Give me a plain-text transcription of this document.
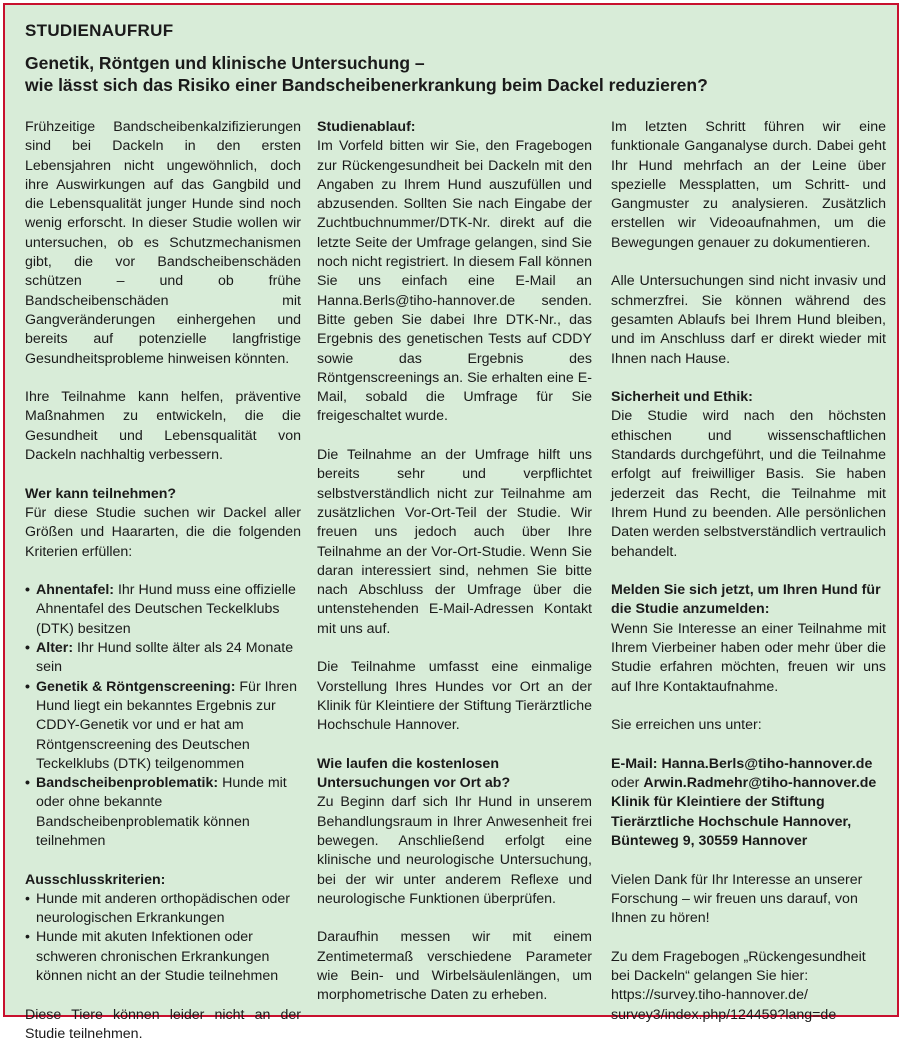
STUDIENAUFRUF
Genetik, Röntgen und klinische Untersuchung –
wie lässt sich das Risiko einer Bandscheibenerkrankung beim Dackel reduzieren?

Frühzeitige Bandscheibenkalzifizierungen sind bei Dackeln in den ersten Lebensjahren nicht ungewöhnlich, doch ihre Auswirkungen auf das Gangbild und die Lebensqualität junger Hunde sind noch wenig erforscht. In dieser Studie wollen wir untersuchen, ob es Schutzmechanismen gibt, die vor Bandscheibenschäden schützen – und ob frühe Bandscheibenschäden mit Gangveränderungen einhergehen und bereits auf potenzielle langfristige Gesundheitsprobleme hinweisen könnten.

Ihre Teilnahme kann helfen, präventive Maßnahmen zu entwickeln, die die Gesundheit und Lebensqualität von Dackeln nachhaltig verbessern.

Wer kann teilnehmen?
Für diese Studie suchen wir Dackel aller Größen und Haararten, die die folgenden Kriterien erfüllen:

• Ahnentafel: Ihr Hund muss eine offizielle Ahnentafel des Deutschen Teckelklubs (DTK) besitzen
• Alter: Ihr Hund sollte älter als 24 Monate sein
• Genetik & Röntgenscreening: Für Ihren Hund liegt ein bekanntes Ergebnis zur CDDY-Genetik vor und er hat am Röntgenscreening des Deutschen Teckelklubs (DTK) teilgenommen
• Bandscheibenproblematik: Hunde mit oder ohne bekannte Bandscheibenproblematik können teilnehmen
Ausschlusskriterien:
• Hunde mit anderen orthopädischen oder neurologischen Erkrankungen
• Hunde mit akuten Infektionen oder schweren chronischen Erkrankungen können nicht an der Studie teilnehmen

Diese Tiere können leider nicht an der Studie teilnehmen.

Studienablauf:
Im Vorfeld bitten wir Sie, den Fragebogen zur Rückengesundheit bei Dackeln mit den Angaben zu Ihrem Hund auszufüllen und abzusenden. Sollten Sie nach Eingabe der Zuchtbuchnummer/DTK-Nr. direkt auf die letzte Seite der Umfrage gelangen, sind Sie noch nicht registriert. In diesem Fall können Sie uns einfach eine E-Mail an Hanna.Berls@tiho-hannover.de senden. Bitte geben Sie dabei Ihre DTK-Nr., das Ergebnis des genetischen Tests auf CDDY sowie das Ergebnis des Röntgenscreenings an. Sie erhalten eine E-Mail, sobald die Umfrage für Sie freigeschaltet wurde.

Die Teilnahme an der Umfrage hilft uns bereits sehr und verpflichtet selbstverständlich nicht zur Teilnahme am zusätzlichen Vor-Ort-Teil der Studie. Wir freuen uns jedoch auch über Ihre Teilnahme an der Vor-Ort-Studie. Wenn Sie daran interessiert sind, nehmen Sie bitte nach Abschluss der Umfrage über die untenstehenden E-Mail-Adressen Kontakt mit uns auf.

Die Teilnahme umfasst eine einmalige Vorstellung Ihres Hundes vor Ort an der Klinik für Kleintiere der Stiftung Tierärztliche Hochschule Hannover.

Wie laufen die kostenlosen Untersuchungen vor Ort ab?
Zu Beginn darf sich Ihr Hund in unserem Behandlungsraum in Ihrer Anwesenheit frei bewegen. Anschließend erfolgt eine klinische und neurologische Untersuchung, bei der wir unter anderem Reflexe und neurologische Funktionen überprüfen.

Daraufhin messen wir mit einem Zentimetermaß verschiedene Parameter wie Bein- und Wirbelsäulenlängen, um morphometrische Daten zu erheben.

Im letzten Schritt führen wir eine funktionale Ganganalyse durch. Dabei geht Ihr Hund mehrfach an der Leine über spezielle Messplatten, um Schritt- und Gangmuster zu analysieren. Zusätzlich erstellen wir Videoaufnahmen, um die Bewegungen genauer zu dokumentieren.

Alle Untersuchungen sind nicht invasiv und schmerzfrei. Sie können während des gesamten Ablaufs bei Ihrem Hund bleiben, und im Anschluss darf er direkt wieder mit Ihnen nach Hause.

Sicherheit und Ethik:
Die Studie wird nach den höchsten ethischen und wissenschaftlichen Standards durchgeführt, und die Teilnahme erfolgt auf freiwilliger Basis. Sie haben jederzeit das Recht, die Teilnahme mit Ihrem Hund zu beenden. Alle persönlichen Daten werden selbstverständlich vertraulich behandelt.

Melden Sie sich jetzt, um Ihren Hund für die Studie anzumelden:
Wenn Sie Interesse an einer Teilnahme mit Ihrem Vierbeiner haben oder mehr über die Studie erfahren möchten, freuen wir uns auf Ihre Kontaktaufnahme.

Sie erreichen uns unter:

E-Mail: Hanna.Berls@tiho-hannover.de
oder Arwin.Radmehr@tiho-hannover.de
Klinik für Kleintiere der Stiftung
Tierärztliche Hochschule Hannover,
Bünteweg 9, 30559 Hannover

Vielen Dank für Ihr Interesse an unserer Forschung – wir freuen uns darauf, von Ihnen zu hören!

Zu dem Fragebogen „Rückengesundheit bei Dackeln“ gelangen Sie hier:
https://survey.tiho-hannover.de/
survey3/index.php/124459?lang=de
